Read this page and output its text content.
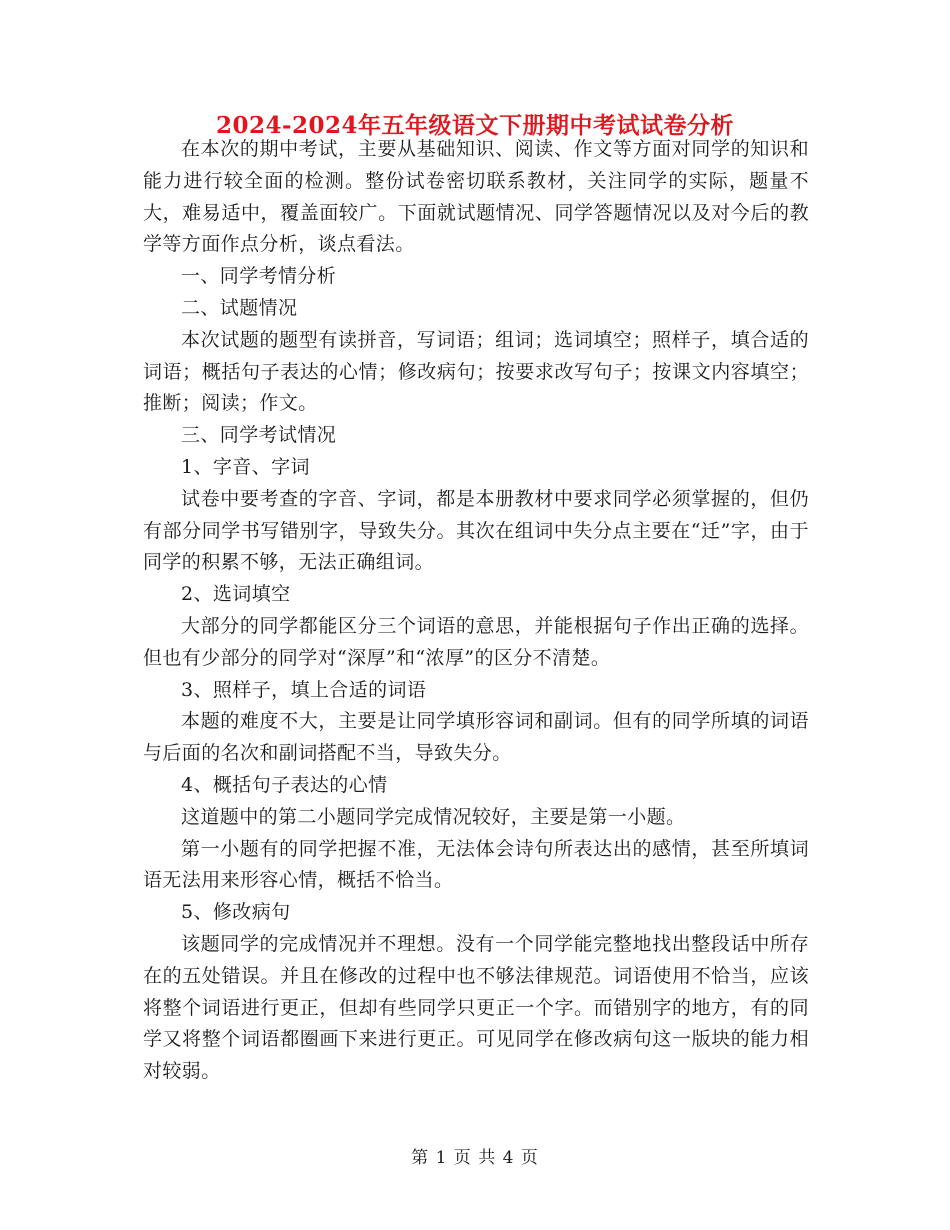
2024-2024年五年级语文下册期中考试试卷分析

在本次的期中考试，主要从基础知识、阅读、作文等方面对同学的知识和能力进行较全面的检测。整份试卷密切联系教材，关注同学的实际，题量不大，难易适中，覆盖面较广。下面就试题情况、同学答题情况以及对今后的教学等方面作点分析，谈点看法。

一、同学考情分析

二、试题情况

本次试题的题型有读拼音，写词语；组词；选词填空；照样子，填合适的词语；概括句子表达的心情；修改病句；按要求改写句子；按课文内容填空；推断；阅读；作文。

三、同学考试情况

1、字音、字词

试卷中要考查的字音、字词，都是本册教材中要求同学必须掌握的，但仍有部分同学书写错别字，导致失分。其次在组词中失分点主要在“迁”字，由于同学的积累不够，无法正确组词。

2、选词填空

大部分的同学都能区分三个词语的意思，并能根据句子作出正确的选择。但也有少部分的同学对“深厚”和“浓厚”的区分不清楚。

3、照样子，填上合适的词语

本题的难度不大，主要是让同学填形容词和副词。但有的同学所填的词语与后面的名次和副词搭配不当，导致失分。

4、概括句子表达的心情

这道题中的第二小题同学完成情况较好，主要是第一小题。

第一小题有的同学把握不准，无法体会诗句所表达出的感情，甚至所填词语无法用来形容心情，概括不恰当。

5、修改病句

该题同学的完成情况并不理想。没有一个同学能完整地找出整段话中所存在的五处错误。并且在修改的过程中也不够法律规范。词语使用不恰当，应该将整个词语进行更正，但却有些同学只更正一个字。而错别字的地方，有的同学又将整个词语都圈画下来进行更正。可见同学在修改病句这一版块的能力相对较弱。

第 1 页 共 4 页
